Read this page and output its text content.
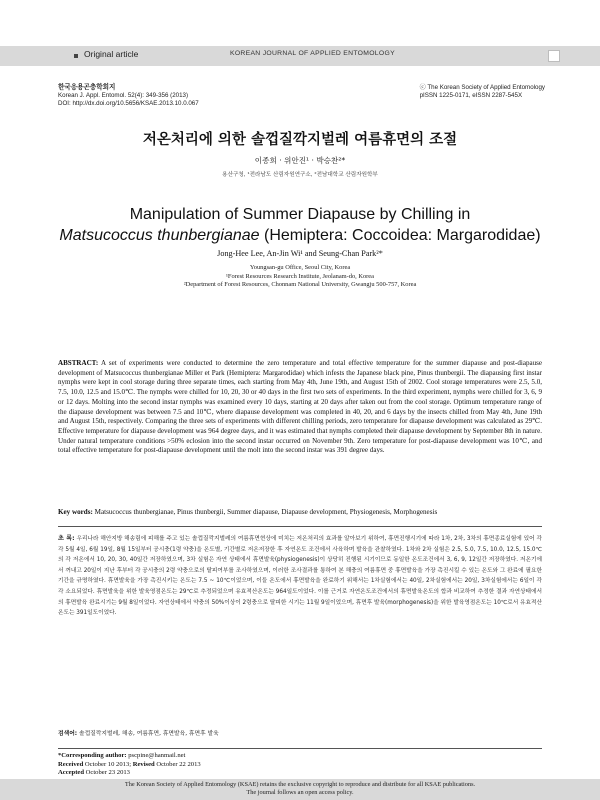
Original article	KOREAN JOURNAL OF APPLIED ENTOMOLOGY
한국응용곤충학회지
Korean J. Appl. Entomol. 52(4): 349-356 (2013)
DOI: http://dx.doi.org/10.5656/KSAE.2013.10.0.067
ⓒ The Korean Society of Applied Entomology
pISSN 1225-0171, eISSN 2287-545X
저온처리에 의한 솔껍질깍지벌레 여름휴면의 조절
이종희 · 위안진¹ · 박승찬²*
용산구청, ¹전라남도 산림자원연구소, ²전남대학교 산림자원학부
Manipulation of Summer Diapause by Chilling in
Matsucoccus thunbergianae (Hemiptera: Coccoidea: Margarodidae)
Jong-Hee Lee, An-Jin Wi¹ and Seung-Chan Park²*
Youngsan-gu Office, Seoul City, Korea
¹Forest Resources Research Institute, Jeolanam-do, Korea
²Department of Forest Resources, Chonnam National University, Gwangju 500-757, Korea
ABSTRACT: A set of experiments were conducted to determine the zero temperature and total effective temperature for the summer diapause and post-diapause development of Matsucoccus thunbergianae Miller et Park (Hemiptera: Margarodidae) which infests the Japanese black pine, Pinus thunbergii. The diapausing first instar nymphs were kept in cool storage during three separate times, each starting from May 4th, June 19th, and August 15th of 2002. Cool storage temperatures were 2.5, 5.0, 7.5, 10.0, 12.5 and 15.0℃. The nymphs were chilled for 10, 20, 30 or 40 days in the first two sets of experiments. In the third experiment, nymphs were chilled for 3, 6, 9 or 12 days. Molting into the second instar nymphs was examined every 10 days, starting at 20 days after taken out from the cool storage. Optimum temperature range of the diapause development was between 7.5 and 10℃, where diapause development was completed in 40, 20, and 6 days by the insects chilled from May 4th, June 19th and August 15th, respectively. Comparing the three sets of experiments with different chilling periods, zero temperature for diapause development was calculated as 29℃. Effective temperature for diapause development was 964 degree days, and it was estimated that nymphs completed their diapause development by September 8th in nature. Under natural temperature conditions >50% eclosion into the second instar occurred on November 9th. Zero temperature for post-diapause development was 10℃, and total effective temperature for post-diapause development until the molt into the second instar was 391 degree days.
Key words: Matsucoccus thunbergianae, Pinus thunbergii, Summer diapause, Diapause development, Physiogenesis, Morphogenesis
초 록: 우리나라 해안지방 해송림에 피해를 주고 있는 솔껍질깍지벌레의 여름휴면현상에 미치는 저온처리의 효과를 알아보기 위하여, 휴면진행시기에 따라 1차, 2차, 3차의 휴면종료실험에 있어 각각 5월 4일, 6월 19일, 8월 15일부터 공시충(1령 약충)을 온도별, 기간별로 저온저장한 후 자연온도 조건에서 사육하며 발육을 관찰하였다. 1차와 2차 실험은 2.5, 5.0, 7.5, 10.0, 12.5, 15.0℃ 의 각 저온에서 10, 20, 30, 40일간 저장하였으며, 3차 실험은 자연 상태에서 휴면발육(physiogenesis)이 상당히 진행된 시기이므로 동일한 온도조건에서 3, 6, 9, 12일간 저장하였다. 저온기에서 꺼내고 20일이 지난 후부터 각 공시충의 2령 약충으로의 탈피여부를 조사하였으며, 이러한 조사결과를 통하여 본 해충의 여름휴면 중 휴면발육을 가장 촉진시킬 수 있는 온도와 그 완료에 필요한 기간을 규명하였다. 휴면발육을 가장 촉진시키는 온도는 7.5 ~ 10℃이었으며, 이들 온도에서 휴면발육을 완료하기 위해서는 1차실험에서는 40일, 2차실험에서는 20일, 3차실험에서는 6일이 각각 소요되었다. 휴면발육을 위한 발육영점온도는 29℃로 추정되었으며 유효적산온도는 964일도이었다. 이를 근거로 자연온도조건에서의 휴면발육온도의 합과 비교하여 추정한 결과 자연상태에서의 휴면발육 완료시기는 9월 8일이었다. 자연상태에서 약충의 50%이상이 2령충으로 탈피한 시기는 11월 9일이었으며, 휴면후 발육(morphogenesis)을 위한 발육영점온도는 10℃로서 유효적산온도는 391일도이었다.
검색어: 솔껍질깍지벌레, 해송, 여름휴면, 휴면발육, 휴면후 발육
*Corresponding author: pscpine@hanmail.net
Received October 10 2013; Revised October 22 2013
Accepted October 23 2013
The Korean Society of Applied Entomology (KSAE) retains the exclusive copyright to reproduce and distribute for all KSAE publications.
The journal follows an open access policy.
